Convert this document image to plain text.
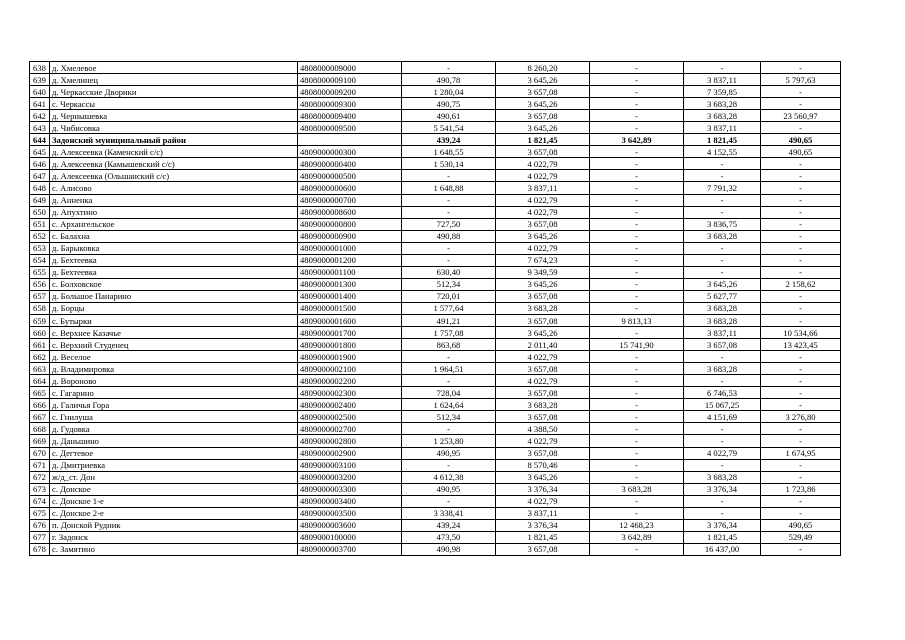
638	д. Хмелевое	4808000009000	-	8 260,20	-	-	-
639	д. Хмелинец	4808000009100	490,78	3 645,26	-	3 837,11	5 797,63
640	д. Черкасские Дворики	4808000009200	1 280,04	3 657,08	-	7 359,85	-
641	с. Черкассы	4808000009300	490,75	3 645,26	-	3 683,28	-
642	д. Чернышевка	4808000009400	490,61	3 657,08	-	3 683,28	23 560,97
643	д. Чибисовка	4808000009500	5 541,54	3 645,26	-	3 837,11	-
644	Задонский муниципальный район		439,24	1 821,45	3 642,89	1 821,45	490,65
645	д. Алексеевка (Каменский с/с)	4809000000300	1 648,55	3 657,08	-	4 152,55	490,65
646	д. Алексеевка (Камышевский с/с)	4809000000400	1 530,14	4 022,79	-	-	-
647	д. Алексеевка (Ольшанский с/с)	4809000000500	-	4 022,79	-	-	-
648	с. Алисово	4809000000600	1 648,88	3 837,11	-	7 791,32	-
649	д. Анненка	4809000000700	-	4 022,79	-	-	-
650	д. Апухтино	4809000008600	-	4 022,79	-	-	-
651	с. Архангельское	4809000000800	727,50	3 657,08	-	3 836,75	-
652	с. Балахна	4809000000900	490,88	3 645,26	-	3 683,28	-
653	д. Барыковка	4809000001000	-	4 022,79	-	-	-
654	д. Бехтеевка	4809000001200	-	7 674,23	-	-	-
655	д. Бехтеевка	4809000001100	630,40	9 349,59	-	-	-
656	с. Болховское	4809000001300	512,34	3 645,26	-	3 645,26	2 158,62
657	д. Большое Панарино	4809000001400	720,01	3 657,08	-	5 627,77	-
658	д. Борцы	4809000001500	1 577,64	3 683,28	-	3 683,28	-
659	с. Бутырки	4809000001600	491,21	3 657,08	9 813,13	3 683,28	-
660	с. Верхнее Казачье	4809000001700	1 757,08	3 645,26	-	3 837,11	10 534,66
661	с. Верхний Студенец	4809000001800	863,68	2 011,40	15 741,90	3 657,08	13 423,45
662	д. Веселое	4809000001900	-	4 022,79	-	-	-
663	д. Владимировка	4809000002100	1 964,51	3 657,08	-	3 683,28	-
664	д. Вороново	4809000002200	-	4 022,79	-	-	-
665	с. Гагарино	4809000002300	728,04	3 657,08	-	6 746,53	-
666	д. Галичья Гора	4809000002400	1 624,64	3 683,28	-	15 067,25	-
667	с. Гнилуша	4809000002500	512,34	3 657,08	-	4 151,69	3 276,80
668	д. Гудовка	4809000002700	-	4 388,50	-	-	-
669	д. Даньшино	4809000002800	1 253,80	4 022,79	-	-	-
670	с. Дегтевое	4809000002900	490,95	3 657,08	-	4 022,79	1 674,95
671	д. Дмитриевка	4809000003100	-	8 570,46	-	-	-
672	ж/д_ст. Дон	4809000003200	4 612,38	3 645,26	-	3 683,28	-
673	с. Донское	4809000003300	490,95	3 376,34	3 683,28	3 376,34	1 723,86
674	с. Донское 1-е	4809000003400	-	4 022,79	-	-	-
675	с. Донское 2-е	4809000003500	3 338,41	3 837,11	-	-	-
676	п. Донской Рудник	4809000003600	439,24	3 376,34	12 468,23	3 376,34	490,65
677	г. Задонск	4809000100000	473,50	1 821,45	3 642,89	1 821,45	529,49
678	с. Замятино	4809000003700	490,98	3 657,08	-	16 437,00	-
